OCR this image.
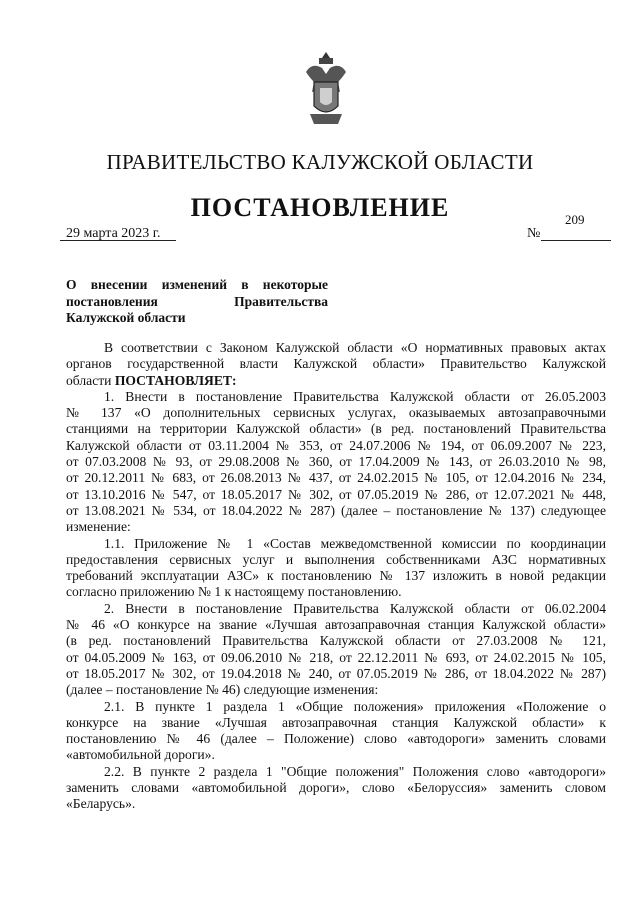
ПРАВИТЕЛЬСТВО КАЛУЖСКОЙ ОБЛАСТИ
ПОСТАНОВЛЕНИЕ
29 марта 2023 г.
209
№
О внесении изменений в некоторые
постановления	Правительства
Калужской области
В соответствии с Законом Калужской области «О нормативных правовых актах
органов государственной власти Калужской области» Правительство Калужской
области ПОСТАНОВЛЯЕТ:
1. Внести в постановление Правительства Калужской области от 26.05.2003
№ 137 «О дополнительных сервисных услугах, оказываемых автозаправочными
станциями на территории Калужской области» (в ред. постановлений Правительства
Калужской области от 03.11.2004 № 353, от 24.07.2006 № 194, от 06.09.2007 № 223,
от 07.03.2008 № 93, от 29.08.2008 № 360, от 17.04.2009 № 143, от 26.03.2010 № 98,
от 20.12.2011 № 683, от 26.08.2013 № 437, от 24.02.2015 № 105, от 12.04.2016 № 234,
от 13.10.2016 № 547, от 18.05.2017 № 302, от 07.05.2019 № 286, от 12.07.2021 № 448,
от 13.08.2021 № 534, от 18.04.2022 № 287) (далее – постановление № 137) следующее
изменение:
1.1. Приложение № 1 «Состав межведомственной комиссии по координации
предоставления сервисных услуг и выполнения собственниками АЗС нормативных
требований эксплуатации АЗС» к постановлению № 137 изложить в новой редакции
согласно приложению № 1 к настоящему постановлению.
2. Внести в постановление Правительства Калужской области от 06.02.2004
№ 46 «О конкурсе на звание «Лучшая автозаправочная станция Калужской области»
(в ред. постановлений Правительства Калужской области от 27.03.2008 № 121,
от 04.05.2009 № 163, от 09.06.2010 № 218, от 22.12.2011 № 693, от 24.02.2015 № 105,
от 18.05.2017 № 302, от 19.04.2018 № 240, от 07.05.2019 № 286, от 18.04.2022 № 287)
(далее – постановление № 46) следующие изменения:
2.1. В пункте 1 раздела 1 «Общие положения» приложения «Положение о
конкурсе на звание «Лучшая автозаправочная станция Калужской области» к
постановлению № 46 (далее – Положение) слово «автодороги» заменить словами
«автомобильной дороги».
2.2. В пункте 2 раздела 1 "Общие положения" Положения слово «автодороги»
заменить словами «автомобильной дороги», слово «Белоруссия» заменить словом
«Беларусь».
